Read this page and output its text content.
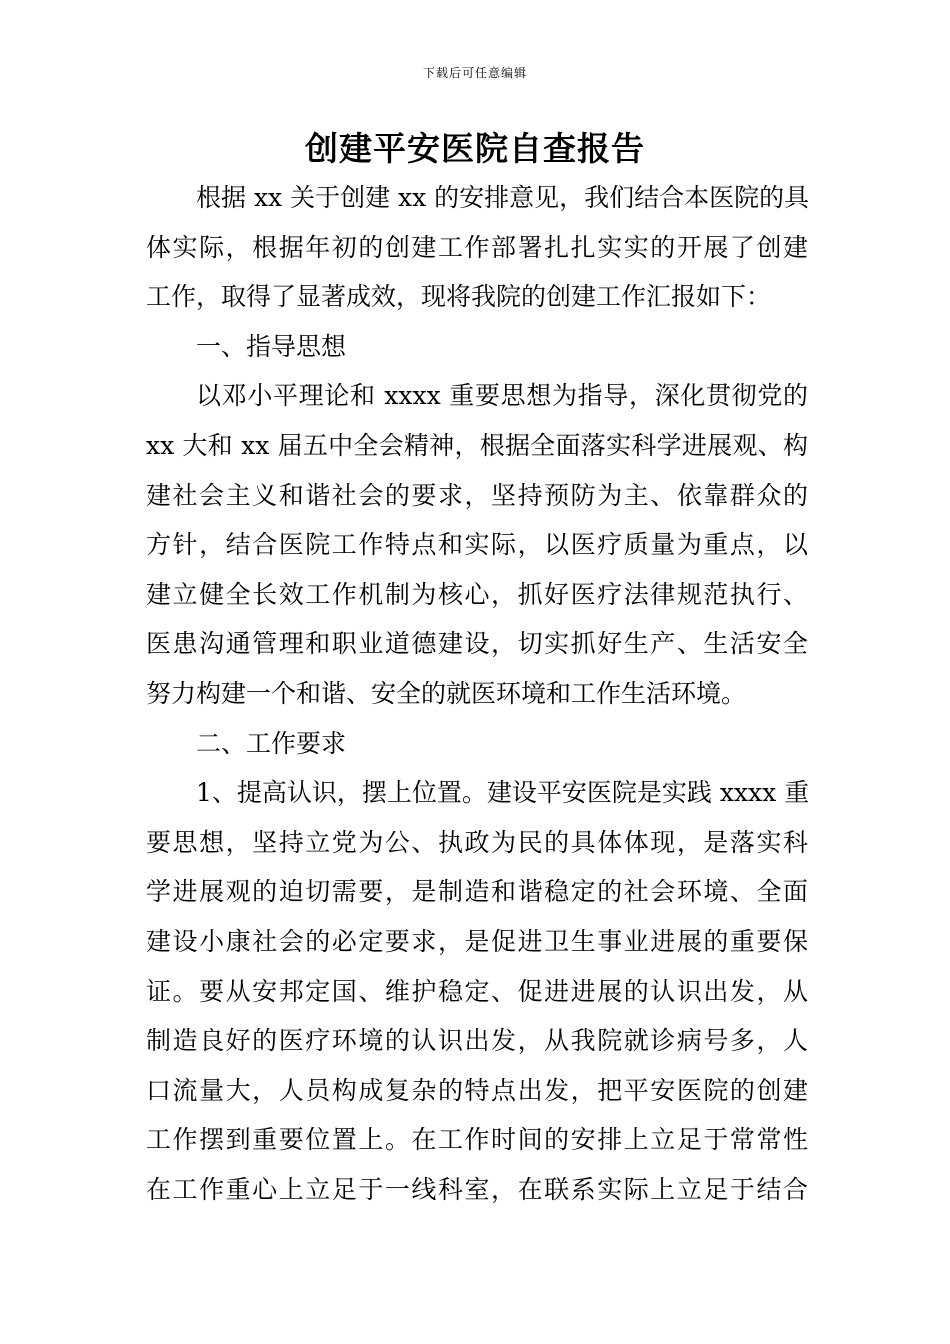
下载后可任意编辑
创建平安医院自查报告
根据 xx 关于创建 xx 的安排意见，我们结合本医院的具
体实际，根据年初的创建工作部署扎扎实实的开展了创建
工作，取得了显著成效，现将我院的创建工作汇报如下：
一、指导思想
以邓小平理论和 xxxx 重要思想为指导，深化贯彻党的
xx 大和 xx 届五中全会精神，根据全面落实科学进展观、构
建社会主义和谐社会的要求，坚持预防为主、依靠群众的
方针，结合医院工作特点和实际，以医疗质量为重点，以
建立健全长效工作机制为核心，抓好医疗法律规范执行、
医患沟通管理和职业道德建设，切实抓好生产、生活安全
努力构建一个和谐、安全的就医环境和工作生活环境。
二、工作要求
1、提高认识，摆上位置。建设平安医院是实践 xxxx 重
要思想，坚持立党为公、执政为民的具体体现，是落实科
学进展观的迫切需要，是制造和谐稳定的社会环境、全面
建设小康社会的必定要求，是促进卫生事业进展的重要保
证。要从安邦定国、维护稳定、促进进展的认识出发，从
制造良好的医疗环境的认识出发，从我院就诊病号多，人
口流量大，人员构成复杂的特点出发，把平安医院的创建
工作摆到重要位置上。在工作时间的安排上立足于常常性
在工作重心上立足于一线科室，在联系实际上立足于结合
